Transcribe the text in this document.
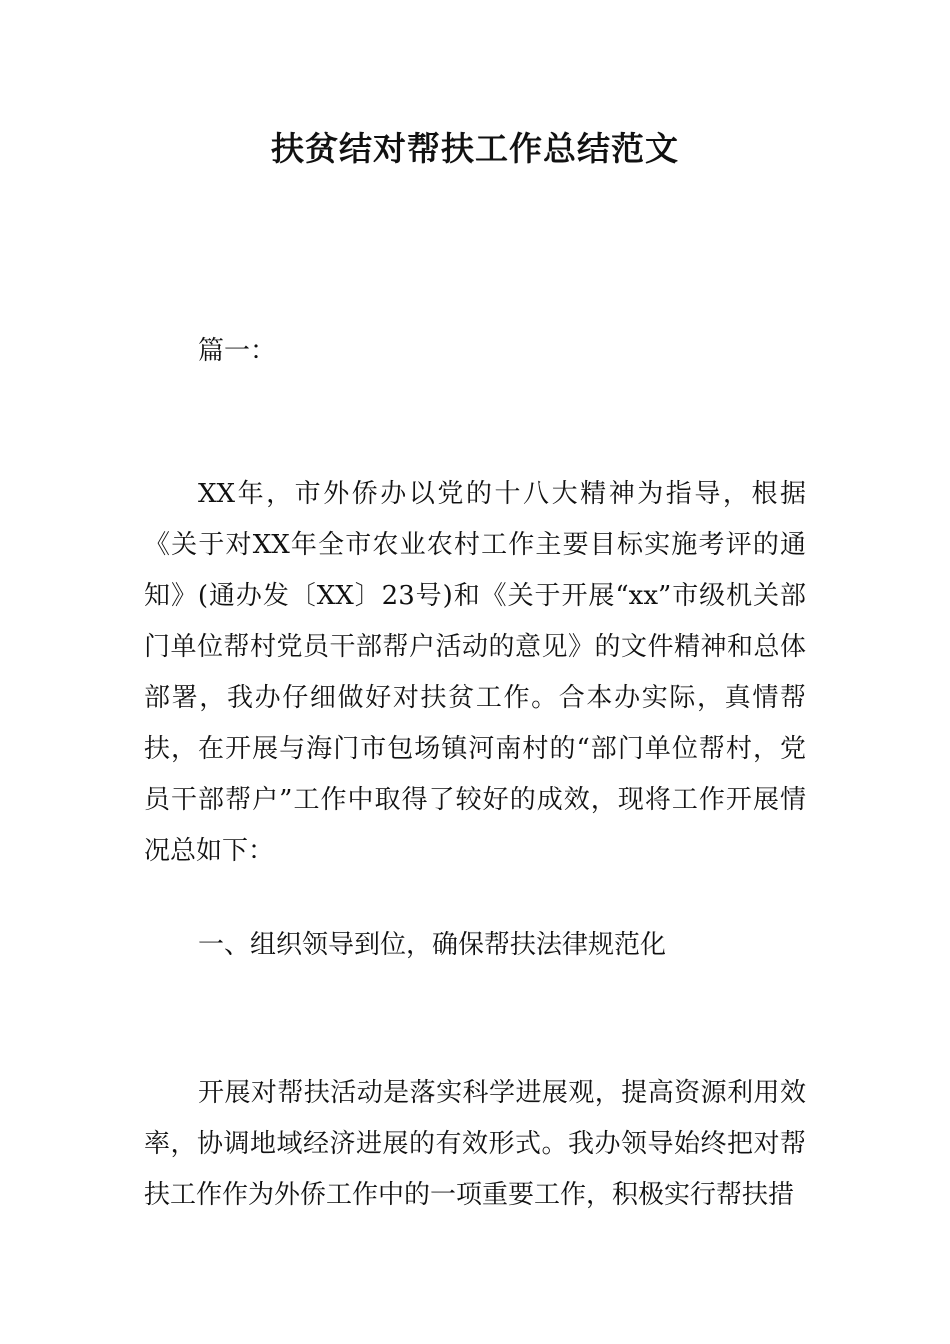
扶贫结对帮扶工作总结范文

篇一：

XX年，市外侨办以党的十八大精神为指导，根据《关于对XX年全市农业农村工作主要目标实施考评的通知》(通办发〔XX〕23号)和《关于开展“xx”市级机关部门单位帮村党员干部帮户活动的意见》的文件精神和总体部署，我办仔细做好对扶贫工作。合本办实际，真情帮扶，在开展与海门市包场镇河南村的“部门单位帮村，党员干部帮户”工作中取得了较好的成效，现将工作开展情况总如下：

一、组织领导到位，确保帮扶法律规范化

开展对帮扶活动是落实科学进展观，提高资源利用效率，协调地域经济进展的有效形式。我办领导始终把对帮扶工作作为外侨工作中的一项重要工作，积极实行帮扶措
